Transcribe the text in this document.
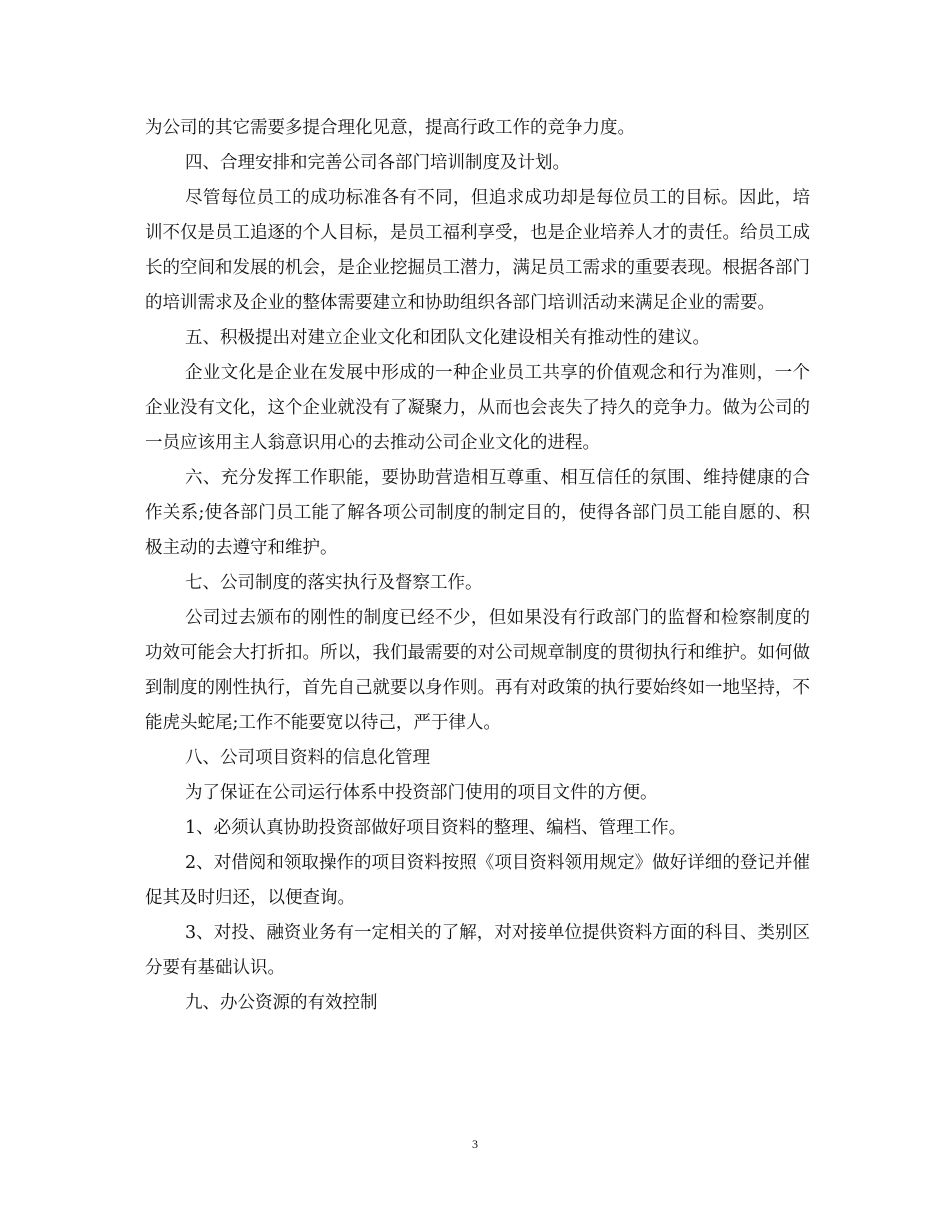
为公司的其它需要多提合理化见意，提高行政工作的竞争力度。

四、合理安排和完善公司各部门培训制度及计划。

尽管每位员工的成功标准各有不同，但追求成功却是每位员工的目标。因此，培训不仅是员工追逐的个人目标，是员工福利享受，也是企业培养人才的责任。给员工成长的空间和发展的机会，是企业挖掘员工潜力，满足员工需求的重要表现。根据各部门的培训需求及企业的整体需要建立和协助组织各部门培训活动来满足企业的需要。

五、积极提出对建立企业文化和团队文化建设相关有推动性的建议。

企业文化是企业在发展中形成的一种企业员工共享的价值观念和行为准则，一个企业没有文化，这个企业就没有了凝聚力，从而也会丧失了持久的竞争力。做为公司的一员应该用主人翁意识用心的去推动公司企业文化的进程。

六、充分发挥工作职能，要协助营造相互尊重、相互信任的氛围、维持健康的合作关系;使各部门员工能了解各项公司制度的制定目的，使得各部门员工能自愿的、积极主动的去遵守和维护。

七、公司制度的落实执行及督察工作。

公司过去颁布的刚性的制度已经不少，但如果没有行政部门的监督和检察制度的功效可能会大打折扣。所以，我们最需要的对公司规章制度的贯彻执行和维护。如何做到制度的刚性执行，首先自己就要以身作则。再有对政策的执行要始终如一地坚持，不能虎头蛇尾;工作不能要宽以待己，严于律人。

八、公司项目资料的信息化管理

为了保证在公司运行体系中投资部门使用的项目文件的方便。

1、必须认真协助投资部做好项目资料的整理、编档、管理工作。

2、对借阅和领取操作的项目资料按照《项目资料领用规定》做好详细的登记并催促其及时归还，以便查询。

3、对投、融资业务有一定相关的了解，对对接单位提供资料方面的科目、类别区分要有基础认识。

九、办公资源的有效控制

3
